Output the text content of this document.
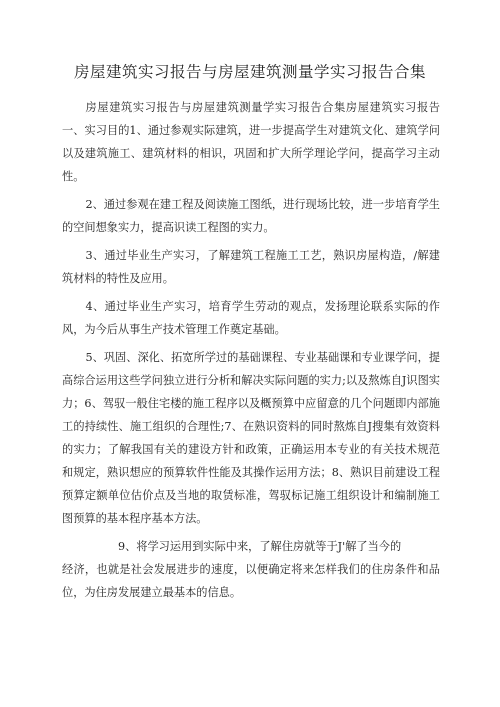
房屋建筑实习报告与房屋建筑测量学实习报告合集

房屋建筑实习报告与房屋建筑测量学实习报告合集房屋建筑实习报告一、实习目的1、通过参观实际建筑，进一步提高学生对建筑文化、建筑学问以及建筑施工、建筑材料的相识，巩固和扩大所学理论学问，提高学习主动性。

2、通过参观在建工程及阅读施工图纸，进行现场比较，进一步培育学生的空间想象实力，提高识读工程图的实力。

3、通过毕业生产实习，了解建筑工程施工工艺，熟识房屋构造，/解建筑材料的特性及应用。

4、通过毕业生产实习，培育学生劳动的观点，发扬理论联系实际的作风，为今后从事生产技术管理工作奠定基础。

5、巩固、深化、拓宽所学过的基础课程、专业基础课和专业课学问，提高综合运用这些学问独立进行分析和解决实际问题的实力;以及熬炼自J识图实力；6、驾驭一般住宅楼的施工程序以及概预算中应留意的几个问题即内部施工的持续性、施工组织的合理性;7、在熟识资料的同时熬炼自J搜集有效资料的实力；了解我国有关的建设方针和政策，正确运用本专业的有关技术规范和规定，熟识想应的预算软件性能及其操作运用方法；8、熟识目前建设工程预算定额单位估价点及当地的取赁标准，驾驭标记施工组织设计和编制施工图预算的基本程序基本方法。

9、将学习运用到实际中来，了解住房就等于J'解了当今的

经济，也就是社会发展进步的速度，以便确定将来怎样我们的住房条件和品位，为住房发展建立最基本的信息。
